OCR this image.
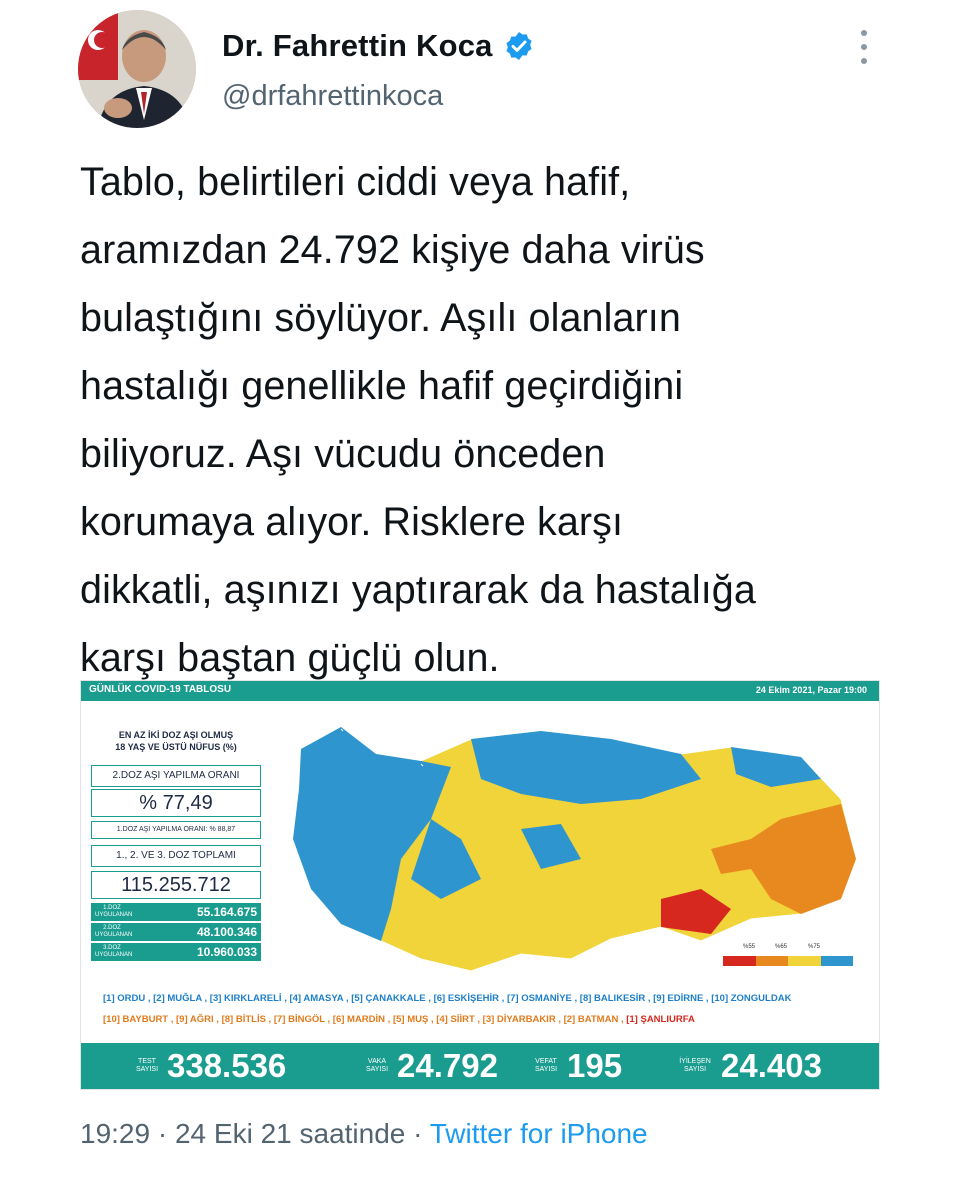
Dr. Fahrettin Koca
@drfahrettinkoca
Tablo, belirtileri ciddi veya hafif,
aramızdan 24.792 kişiye daha virüs
bulaştığını söylüyor. Aşılı olanların
hastalığı genellikle hafif geçirdiğini
biliyoruz. Aşı vücudu önceden
korumaya alıyor. Risklere karşı
dikkatli, aşınızı yaptırarak da hastalığa
karşı baştan güçlü olun.
GÜNLÜK COVID-19 TABLOSU	24 Ekim 2021, Pazar 19:00
EN AZ İKİ DOZ AŞI OLMUŞ
18 YAŞ VE ÜSTÜ NÜFUS (%)
2.DOZ AŞI YAPILMA ORANI
% 77,49
1.DOZ AŞI YAPILMA ORANI: % 88,87
1., 2. VE 3. DOZ TOPLAMI
115.255.712
1.DOZ UYGULANAN	55.164.675
2.DOZ UYGULANAN	48.100.346
3.DOZ UYGULANAN	10.960.033	%55	%65	%75
[1] ORDU , [2] MUĞLA , [3] KIRKLARELİ , [4] AMASYA , [5] ÇANAKKALE , [6] ESKİŞEHİR , [7] OSMANİYE , [8] BALIKESİR , [9] EDİRNE , [10] ZONGULDAK
[10] BAYBURT , [9] AĞRI , [8] BİTLİS , [7] BİNGÖL , [6] MARDİN , [5] MUŞ , [4] SİİRT , [3] DİYARBAKIR , [2] BATMAN , [1] ŞANLIURFA
TEST SAYISI 338.536	VAKA SAYISI 24.792	VEFAT SAYISI 195	İYİLEŞEN SAYISI 24.403
19:29 · 24 Eki 21 saatinde · Twitter for iPhone
